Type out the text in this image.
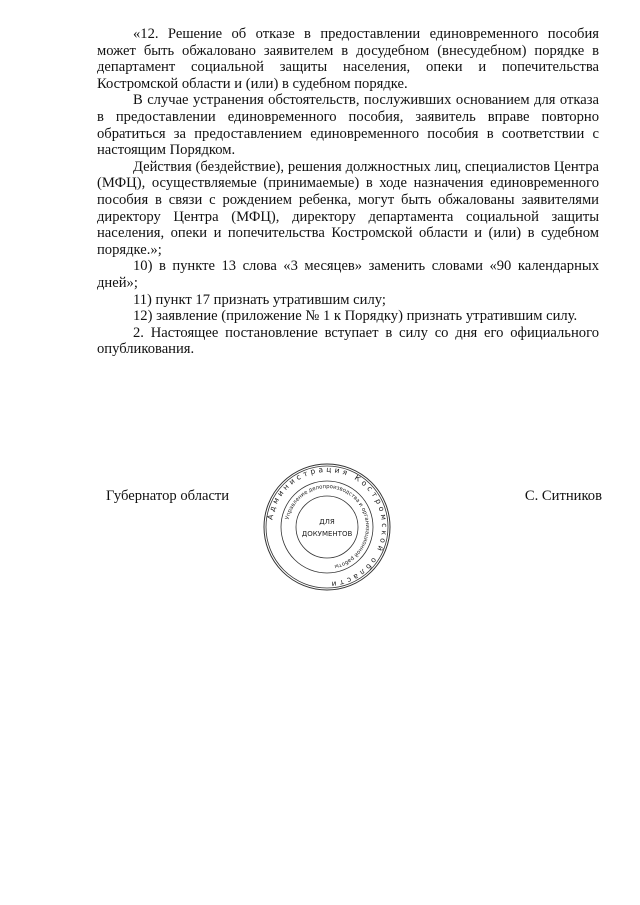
«12. Решение об отказе в предоставлении единовременного пособия может быть обжаловано заявителем в досудебном (внесудебном) порядке в департамент социальной защиты населения, опеки и попечительства Костромской области и (или) в судебном порядке.

В случае устранения обстоятельств, послуживших основанием для отказа в предоставлении единовременного пособия, заявитель вправе повторно обратиться за предоставлением единовременного пособия в соответствии с настоящим Порядком.

Действия (бездействие), решения должностных лиц, специалистов Центра (МФЦ), осуществляемые (принимаемые) в ходе назначения единовременного пособия в связи с рождением ребенка, могут быть обжалованы заявителями директору Центра (МФЦ), директору департамента социальной защиты населения, опеки и попечительства Костромской области и (или) в судебном порядке.»;

10) в пункте 13 слова «3 месяцев» заменить словами «90 календарных дней»;

11) пункт 17 признать утратившим силу;

12) заявление (приложение № 1 к Порядку) признать утратившим силу.

2. Настоящее постановление вступает в силу со дня его официального опубликования.

Губернатор области	С. Ситников
Администрация Костромской области
Управление делопроизводства и организационной работы
ДЛЯ
ДОКУМЕНТОВ
